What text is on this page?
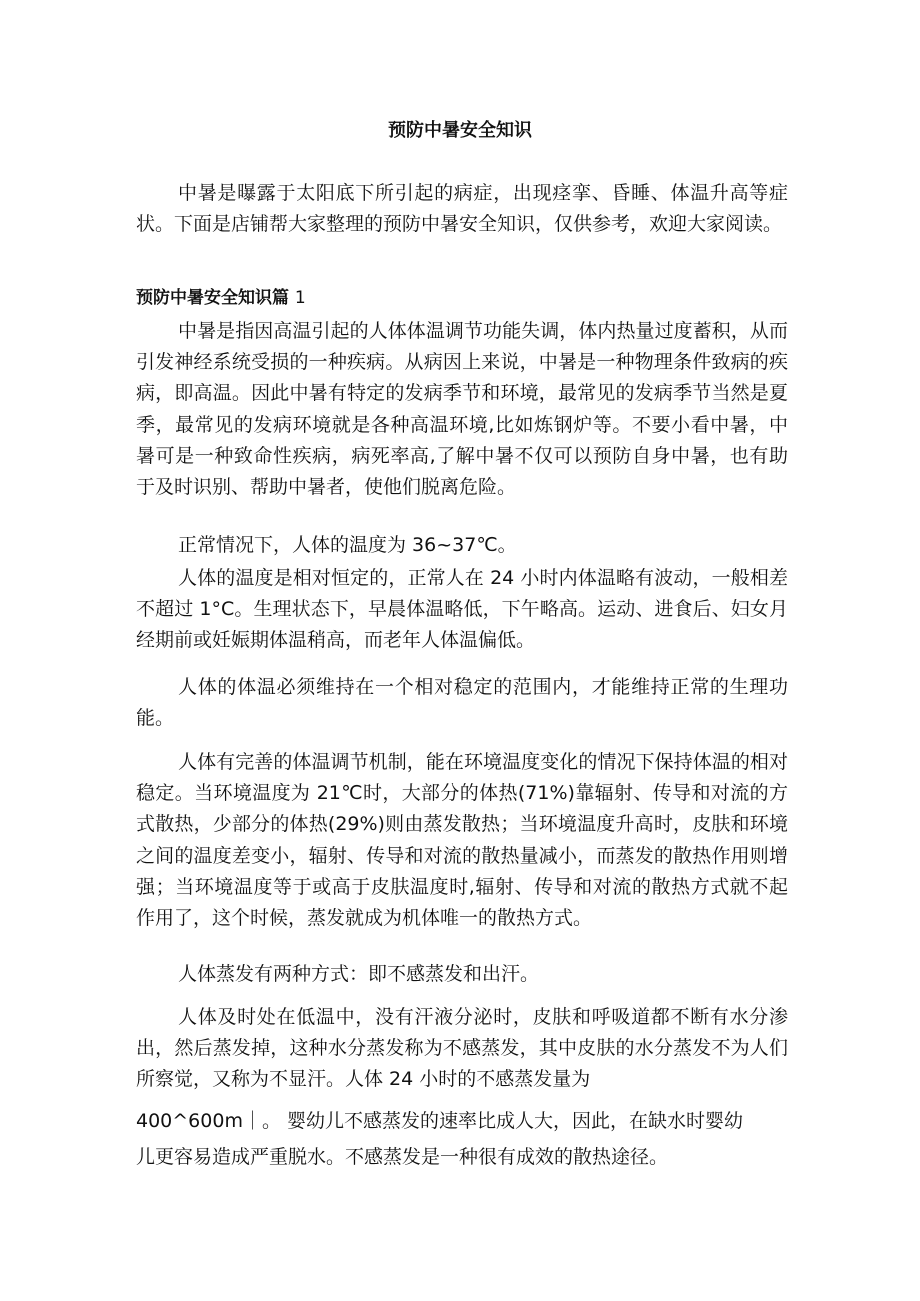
预防中暑安全知识

中暑是曝露于太阳底下所引起的病症，出现痉挛、昏睡、体温升高等症状。下面是店铺帮大家整理的预防中暑安全知识，仅供参考，欢迎大家阅读。

预防中暑安全知识篇 1

中暑是指因高温引起的人体体温调节功能失调，体内热量过度蓄积，从而引发神经系统受损的一种疾病。从病因上来说，中暑是一种物理条件致病的疾病，即高温。因此中暑有特定的发病季节和环境，最常见的发病季节当然是夏季，最常见的发病环境就是各种高温环境,比如炼钢炉等。不要小看中暑，中暑可是一种致命性疾病，病死率高,了解中暑不仅可以预防自身中暑，也有助于及时识别、帮助中暑者，使他们脱离危险。

正常情况下，人体的温度为 36~37℃。

人体的温度是相对恒定的，正常人在 24 小时内体温略有波动，一般相差不超过 1°C。生理状态下，早晨体温略低，下午略高。运动、进食后、妇女月经期前或妊娠期体温稍高，而老年人体温偏低。

人体的体温必须维持在一个相对稳定的范围内，才能维持正常的生理功能。

人体有完善的体温调节机制，能在环境温度变化的情况下保持体温的相对稳定。当环境温度为 21℃时，大部分的体热(71%)靠辐射、传导和对流的方式散热，少部分的体热(29%)则由蒸发散热；当环境温度升高时，皮肤和环境之间的温度差变小，辐射、传导和对流的散热量减小，而蒸发的散热作用则增强；当环境温度等于或高于皮肤温度时,辐射、传导和对流的散热方式就不起作用了，这个时候，蒸发就成为机体唯一的散热方式。

人体蒸发有两种方式：即不感蒸发和出汗。

人体及时处在低温中，没有汗液分泌时，皮肤和呼吸道都不断有水分渗出，然后蒸发掉，这种水分蒸发称为不感蒸发，其中皮肤的水分蒸发不为人们所察觉，又称为不显汗。人体 24 小时的不感蒸发量为

400^600m｜。 婴幼儿不感蒸发的速率比成人大，因此，在缺水时婴幼
儿更容易造成严重脱水。不感蒸发是一种很有成效的散热途径。
